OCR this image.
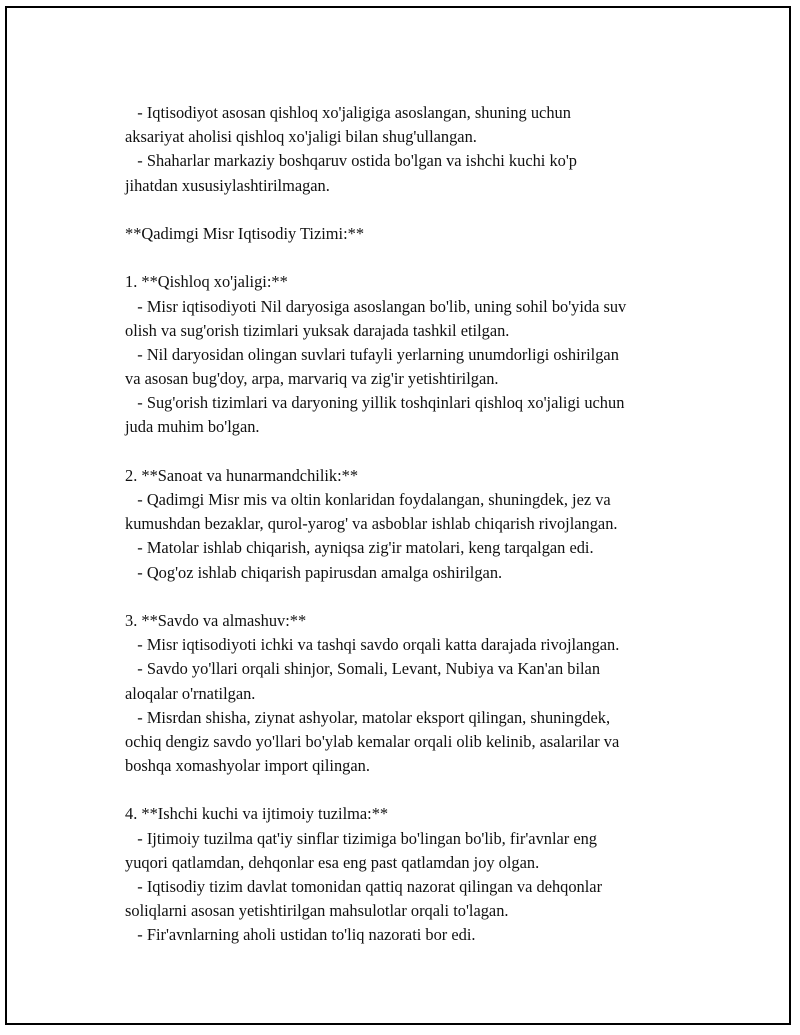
- Iqtisodiyot asosan qishloq xo'jaligiga asoslangan, shuning uchun
aksariyat aholisi qishloq xo'jaligi bilan shug'ullangan.
- Shaharlar markaziy boshqaruv ostida bo'lgan va ishchi kuchi ko'p
jihatdan xususiylashtirilmagan.
**Qadimgi Misr Iqtisodiy Tizimi:**
1. **Qishloq xo'jaligi:**
- Misr iqtisodiyoti Nil daryosiga asoslangan bo'lib, uning sohil bo'yida suv
olish va sug'orish tizimlari yuksak darajada tashkil etilgan.
- Nil daryosidan olingan suvlari tufayli yerlarning unumdorligi oshirilgan
va asosan bug'doy, arpa, marvariq va zig'ir yetishtirilgan.
- Sug'orish tizimlari va daryoning yillik toshqinlari qishloq xo'jaligi uchun
juda muhim bo'lgan.
2. **Sanoat va hunarmandchilik:**
- Qadimgi Misr mis va oltin konlaridan foydalangan, shuningdek, jez va
kumushdan bezaklar, qurol-yarog' va asboblar ishlab chiqarish rivojlangan.
- Matolar ishlab chiqarish, ayniqsa zig'ir matolari, keng tarqalgan edi.
- Qog'oz ishlab chiqarish papirusdan amalga oshirilgan.
3. **Savdo va almashuv:**
- Misr iqtisodiyoti ichki va tashqi savdo orqali katta darajada rivojlangan.
- Savdo yo'llari orqali shinjor, Somali, Levant, Nubiya va Kan'an bilan
aloqalar o'rnatilgan.
- Misrdan shisha, ziynat ashyolar, matolar eksport qilingan, shuningdek,
ochiq dengiz savdo yo'llari bo'ylab kemalar orqali olib kelinib, asalarilar va
boshqa xomashyolar import qilingan.
4. **Ishchi kuchi va ijtimoiy tuzilma:**
- Ijtimoiy tuzilma qat'iy sinflar tizimiga bo'lingan bo'lib, fir'avnlar eng
yuqori qatlamdan, dehqonlar esa eng past qatlamdan joy olgan.
- Iqtisodiy tizim davlat tomonidan qattiq nazorat qilingan va dehqonlar
soliqlarni asosan yetishtirilgan mahsulotlar orqali to'lagan.
- Fir'avnlarning aholi ustidan to'liq nazorati bor edi.
